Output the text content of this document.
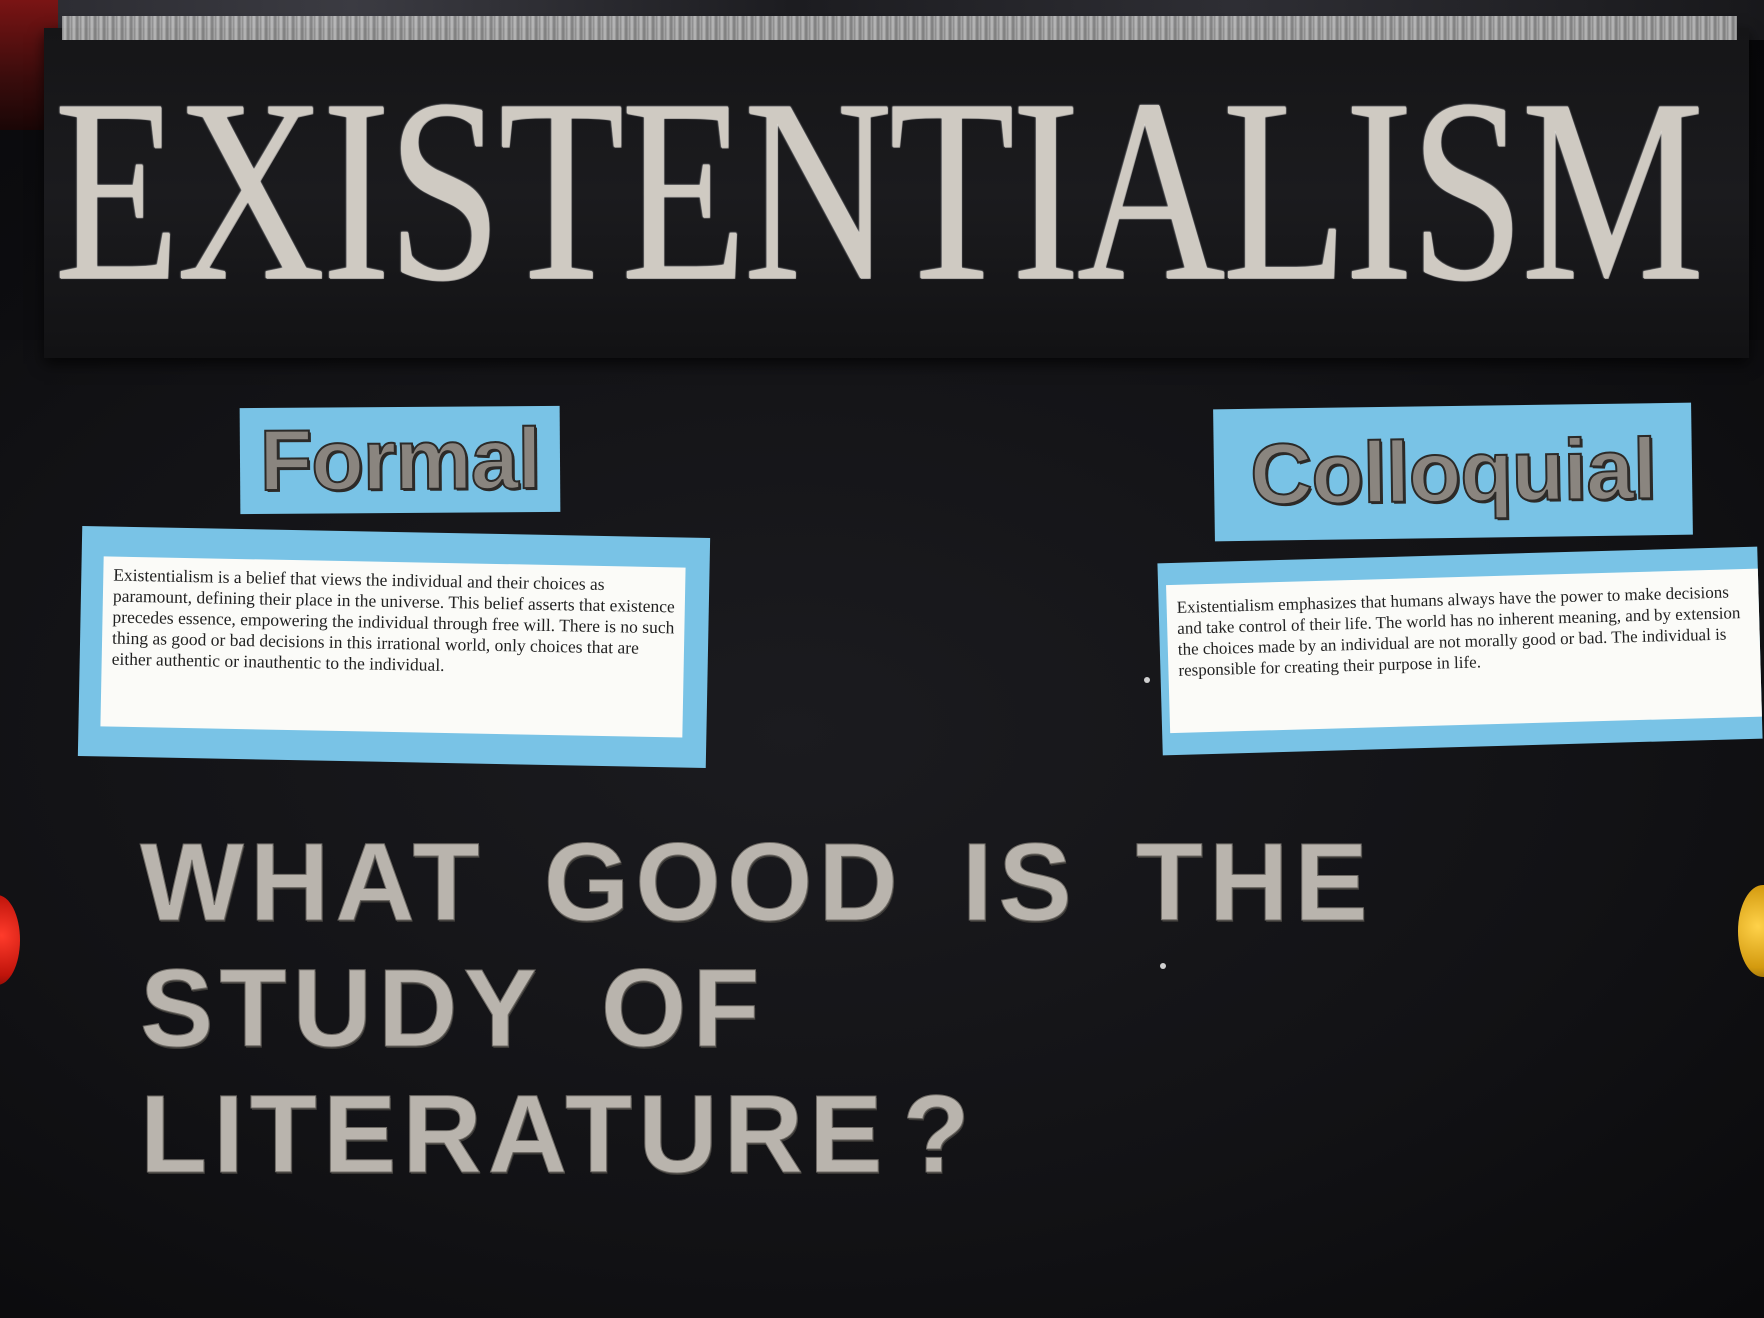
EXISTENTIALISM
Formal	Colloquial
Existentialism is a belief that views the individual and their choices as paramount, defining their place in the universe. This belief asserts that existence precedes essence, empowering the individual through free will. There is no such thing as good or bad decisions in this irrational world, only choices that are either authentic or inauthentic to the individual.
Existentialism emphasizes that humans always have the power to make decisions and take control of their life. The world has no inherent meaning, and by extension the choices made by an individual are not morally good or bad. The individual is responsible for creating their purpose in life.
WHAT GOOD IS THE
STUDY OF
LITERATURE ?
